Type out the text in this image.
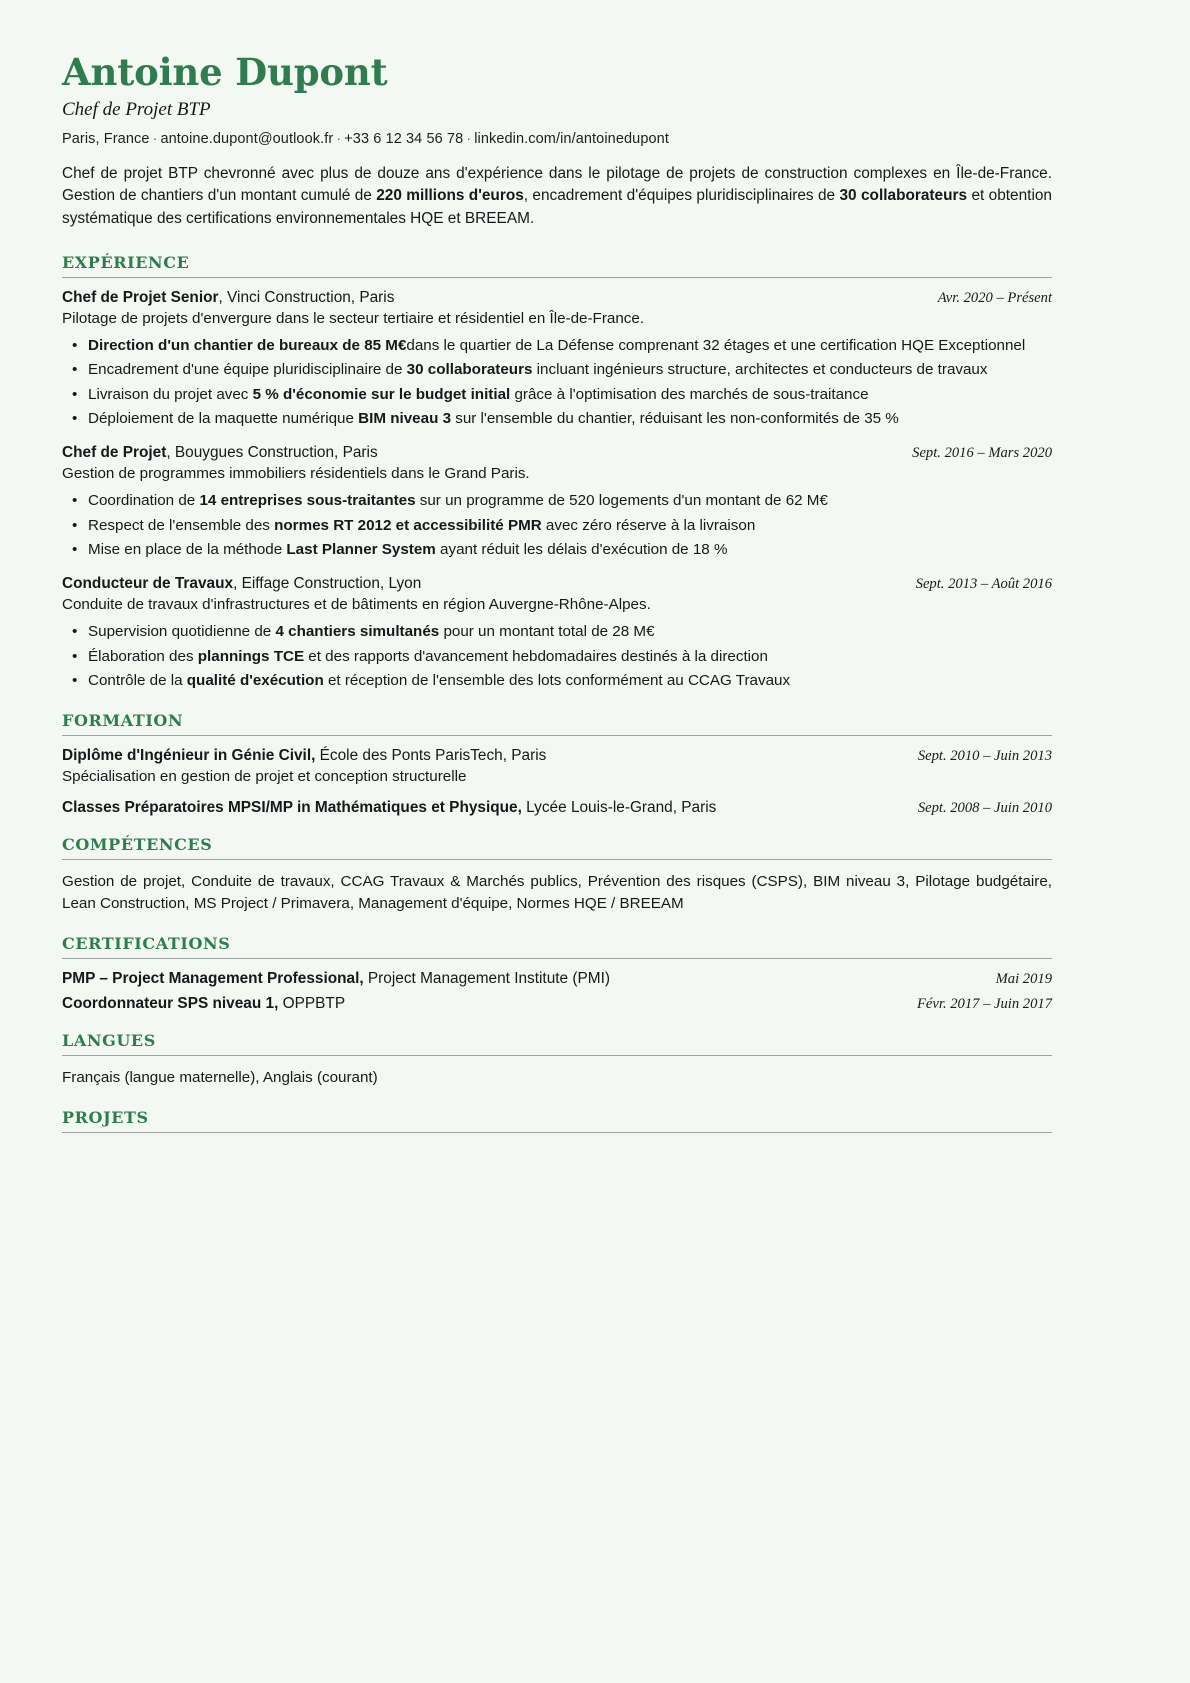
Antoine Dupont
Chef de Projet BTP
Paris, France · antoine.dupont@outlook.fr · +33 6 12 34 56 78 · linkedin.com/in/antoinedupont

Chef de projet BTP chevronné avec plus de douze ans d'expérience dans le pilotage de projets de construction complexes en Île-de-France. Gestion de chantiers d'un montant cumulé de 220 millions d'euros, encadrement d'équipes pluridisciplinaires de 30 collaborateurs et obtention systématique des certifications environnementales HQE et BREEAM.

EXPÉRIENCE
Chef de Projet Senior, Vinci Construction, Paris	Avr. 2020 – Présent
Pilotage de projets d'envergure dans le secteur tertiaire et résidentiel en Île-de-France.
• Direction d'un chantier de bureaux de 85 M€dans le quartier de La Défense comprenant 32 étages et une certification HQE Exceptionnel
• Encadrement d'une équipe pluridisciplinaire de 30 collaborateurs incluant ingénieurs structure, architectes et conducteurs de travaux
• Livraison du projet avec 5 % d'économie sur le budget initial grâce à l'optimisation des marchés de sous-traitance
• Déploiement de la maquette numérique BIM niveau 3 sur l'ensemble du chantier, réduisant les non-conformités de 35 %
Chef de Projet, Bouygues Construction, Paris	Sept. 2016 – Mars 2020
Gestion de programmes immobiliers résidentiels dans le Grand Paris.
• Coordination de 14 entreprises sous-traitantes sur un programme de 520 logements d'un montant de 62 M€
• Respect de l'ensemble des normes RT 2012 et accessibilité PMR avec zéro réserve à la livraison
• Mise en place de la méthode Last Planner System ayant réduit les délais d'exécution de 18 %
Conducteur de Travaux, Eiffage Construction, Lyon	Sept. 2013 – Août 2016
Conduite de travaux d'infrastructures et de bâtiments en région Auvergne-Rhône-Alpes.
• Supervision quotidienne de 4 chantiers simultanés pour un montant total de 28 M€
• Élaboration des plannings TCE et des rapports d'avancement hebdomadaires destinés à la direction
• Contrôle de la qualité d'exécution et réception de l'ensemble des lots conformément au CCAG Travaux
FORMATION
Diplôme d'Ingénieur in Génie Civil, École des Ponts ParisTech, Paris	Sept. 2010 – Juin 2013
Spécialisation en gestion de projet et conception structurelle
Classes Préparatoires MPSI/MP in Mathématiques et Physique, Lycée Louis-le-Grand, Paris	Sept. 2008 – Juin 2010
COMPÉTENCES

Gestion de projet, Conduite de travaux, CCAG Travaux & Marchés publics, Prévention des risques (CSPS), BIM niveau 3, Pilotage budgétaire, Lean Construction, MS Project / Primavera, Management d'équipe, Normes HQE / BREEAM

CERTIFICATIONS
PMP – Project Management Professional, Project Management Institute (PMI)	Mai 2019
Coordonnateur SPS niveau 1, OPPBTP	Févr. 2017 – Juin 2017
LANGUES

Français (langue maternelle), Anglais (courant)

PROJETS
